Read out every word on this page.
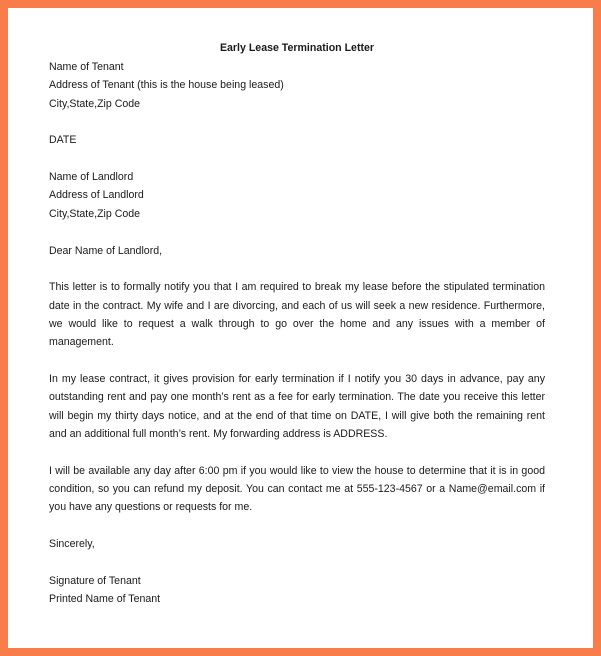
Early Lease Termination Letter

Name of Tenant

Address of Tenant (this is the house being leased)

City,State,Zip Code

DATE

Name of Landlord

Address of Landlord

City,State,Zip Code

Dear Name of Landlord,

This letter is to formally notify you that I am required to break my lease before the stipulated termination date in the contract. My wife and I are divorcing, and each of us will seek a new residence. Furthermore, we would like to request a walk through to go over the home and any issues with a member of management.

In my lease contract, it gives provision for early termination if I notify you 30 days in advance, pay any outstanding rent and pay one month’s rent as a fee for early termination. The date you receive this letter will begin my thirty days notice, and at the end of that time on DATE, I will give both the remaining rent and an additional full month’s rent. My forwarding address is ADDRESS.

I will be available any day after 6:00 pm if you would like to view the house to determine that it is in good condition, so you can refund my deposit. You can contact me at 555-123-4567 or a Name@email.com if you have any questions or requests for me.

Sincerely,

Signature of Tenant

Printed Name of Tenant
